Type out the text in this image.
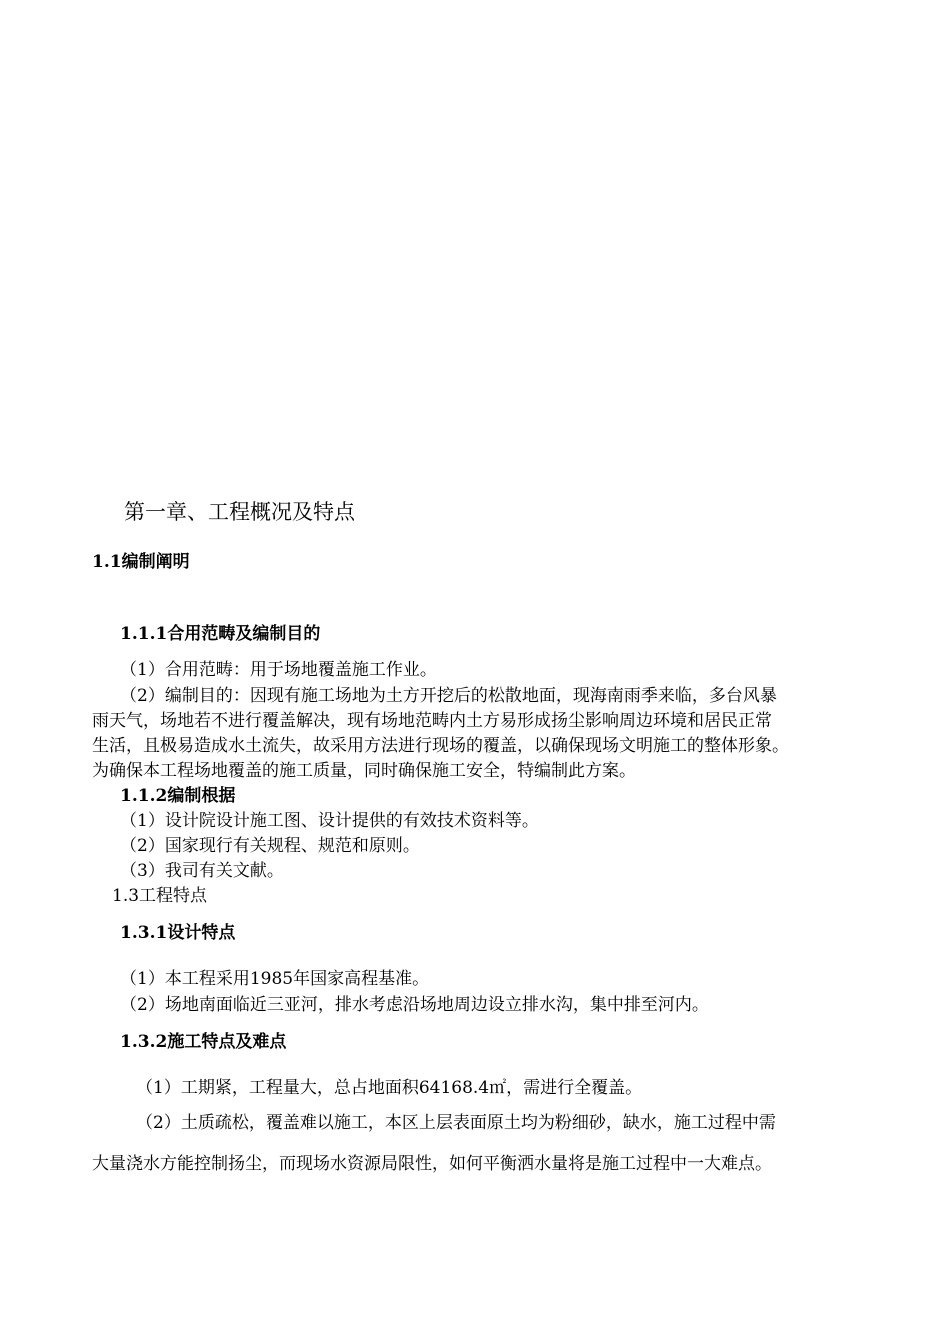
第一章、工程概况及特点
1.1编制阐明
1.1.1合用范畴及编制目的
（1）合用范畴：用于场地覆盖施工作业。
（2）编制目的：因现有施工场地为土方开挖后的松散地面，现海南雨季来临，多台风暴
雨天气，场地若不进行覆盖解决，现有场地范畴内土方易形成扬尘影响周边环境和居民正常
生活，且极易造成水土流失，故采用方法进行现场的覆盖，以确保现场文明施工的整体形象。
为确保本工程场地覆盖的施工质量，同时确保施工安全，特编制此方案。
1.1.2编制根据
（1）设计院设计施工图、设计提供的有效技术资料等。
（2）国家现行有关规程、规范和原则。
（3）我司有关文献。
1.3工程特点
1.3.1设计特点
（1）本工程采用1985年国家高程基准。
（2）场地南面临近三亚河，排水考虑沿场地周边设立排水沟，集中排至河内。
1.3.2施工特点及难点
（1）工期紧，工程量大，总占地面积64168.4㎡，需进行全覆盖。
（2）土质疏松，覆盖难以施工，本区上层表面原土均为粉细砂，缺水，施工过程中需
大量浇水方能控制扬尘，而现场水资源局限性，如何平衡洒水量将是施工过程中一大难点。
